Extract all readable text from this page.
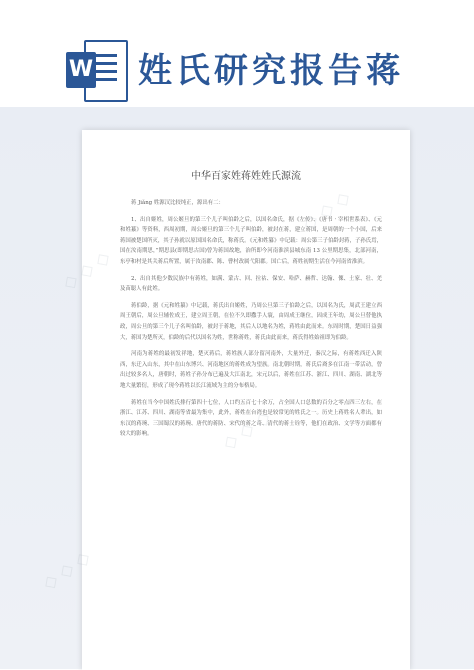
W 姓氏研究报告蒋
中华百家姓蒋姓姓氏源流

蒋 Jiǎng 姓源汉比较纯正，源出有二：

1、出自姬姓，周公姬旦的第三个儿子叫伯龄之后，以国名命氏，据《左传》、《唐书 · 宰相世系表》、《元和姓纂》等资料，西周初期，周公姬旦的第三个儿子叫伯龄，被封在蒋，建立蒋国，是周朝的一个小国，后来蒋国被楚国所灭，其子孙就以原国国名命氏，称蒋氏。《元和姓纂》中记载：周公第三子伯龄封蒋，子孙氏焉，国在汝南期思，”期思县(即期思古国)曾为蒋国故地，治所即今河南淮滨县城东南 13 公里期思集，北部河南，东亭和村是其关蒋后所置，属于汝南郡、陈、曹村改属弋阳郡。国亡后，蒋姓初期生活在今河南省淮滨。

2、出自其他少数民族中有蒋姓，如满、蒙古、回、拉祜、保安、哈萨、赫哲、达翰、傈、土家、壮、羌及苗聪人有此姓。

蒋伯龄，据《元和姓纂》中记载，蒋氏出自姬姓，乃周公旦第三子伯龄之后，以国名为氏，周武王建立西周王朝后，周公旦辅佐成王，建立周王朝，在位不久即撒手人寰，由周成王继位，因成王年幼，周公旦替他执政，周公旦的第三个儿子名叫伯龄，被封于蒋地，其后人以地名为姓，蒋姓由此而来。东周时期，楚国日益强大，蒋国为楚所灭，伯龄的后代以国名为姓，世称蒋姓，蒋氏由此而来，蒋氏得姓始祖即为伯龄。

河南为蒋姓的最初发祥地，楚灭蒋后，蒋姓族人部分留河南外，大量外迁，秦汉之际，有蒋姓西迁入陕西，东迁入山东，其中在山东博兴、河南地区的蒋姓成为望族。南北朝时期，蒋氏后裔多在江南一带活动，曾出过较多名人，唐朝时，蒋姓子孙分布已遍及大江南北，宋元以后，蒋姓在江苏、浙江、四川、湖南、湖北等地大量繁衍，形成了现今蒋姓以长江流域为主的分布格局。

蒋姓在当今中国姓氏排行第四十七位，人口约五百七十余万，占全国人口总数的百分之零点四三左右，在浙江、江苏、四川、湖南等省最为集中，此外，蒋姓在台湾也是较常见的姓氏之一。历史上蒋姓名人辈出，如东汉的蒋琬、三国蜀汉的蒋琬、唐代的蒋防、宋代的蒋之奇、清代的蒋士铨等，他们在政治、文学等方面都有较大的影响。
